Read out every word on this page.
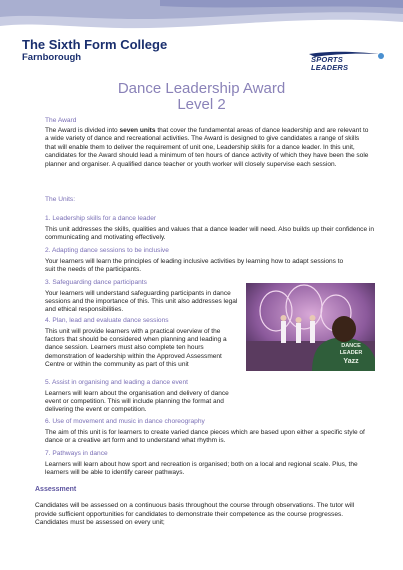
The Sixth Form College
Farnborough	SPORTS
LEADERS
Dance Leadership Award
Level 2
The Award
The Award is divided into seven units that cover the fundamental areas of dance leadership and are relevant to a wide variety of dance and recreational activities. The Award is designed to give candidates a range of skills that will enable them to deliver the requirement of unit one, Leadership skills for a dance leader. In this unit, candidates for the Award should lead a minimum of ten hours of dance activity of which they have been the sole planner and organiser. A qualified dance teacher or youth worker will closely supervise each session.
The Units:
1. Leadership skills for a dance leader
This unit addresses the skills, qualities and values that a dance leader will need. Also builds up their confidence in communicating and motivating effectively.
2. Adapting dance sessions to be inclusive
Your learners will learn the principles of leading inclusive activities by learning how to adapt sessions to suit the needs of the participants.
3. Safeguarding dance participants
Your learners will understand safeguarding participants in dance sessions and the importance of this. This unit also addresses legal and ethical responsibilities.
4. Plan, lead and evaluate dance sessions
This unit will provide learners with a practical overview of the factors that should be considered when planning and leading a dance session. Learners must also complete ten hours demonstration of leadership within the Approved Assessment Centre or within the community as part of this unit
5. Assist in organising and leading a dance event
Learners will learn about the organisation and delivery of dance event or competition. This will include planning the format and delivering the event or competition.
6. Use of movement and music in dance choreography
The aim of this unit is for learners to create varied dance pieces which are based upon either a specific style of dance or a creative art form and to understand what rhythm is.
7. Pathways in dance
Learners will learn about how sport and recreation is organised; both on a local and regional scale. Plus, the learners will be able to identify career pathways.
DANCE
LEADER
Yazz
Assessment
Candidates will be assessed on a continuous basis throughout the course through observations. The tutor will provide sufficient opportunities for candidates to demonstrate their competence as the course progresses. Candidates must be assessed on every unit;
